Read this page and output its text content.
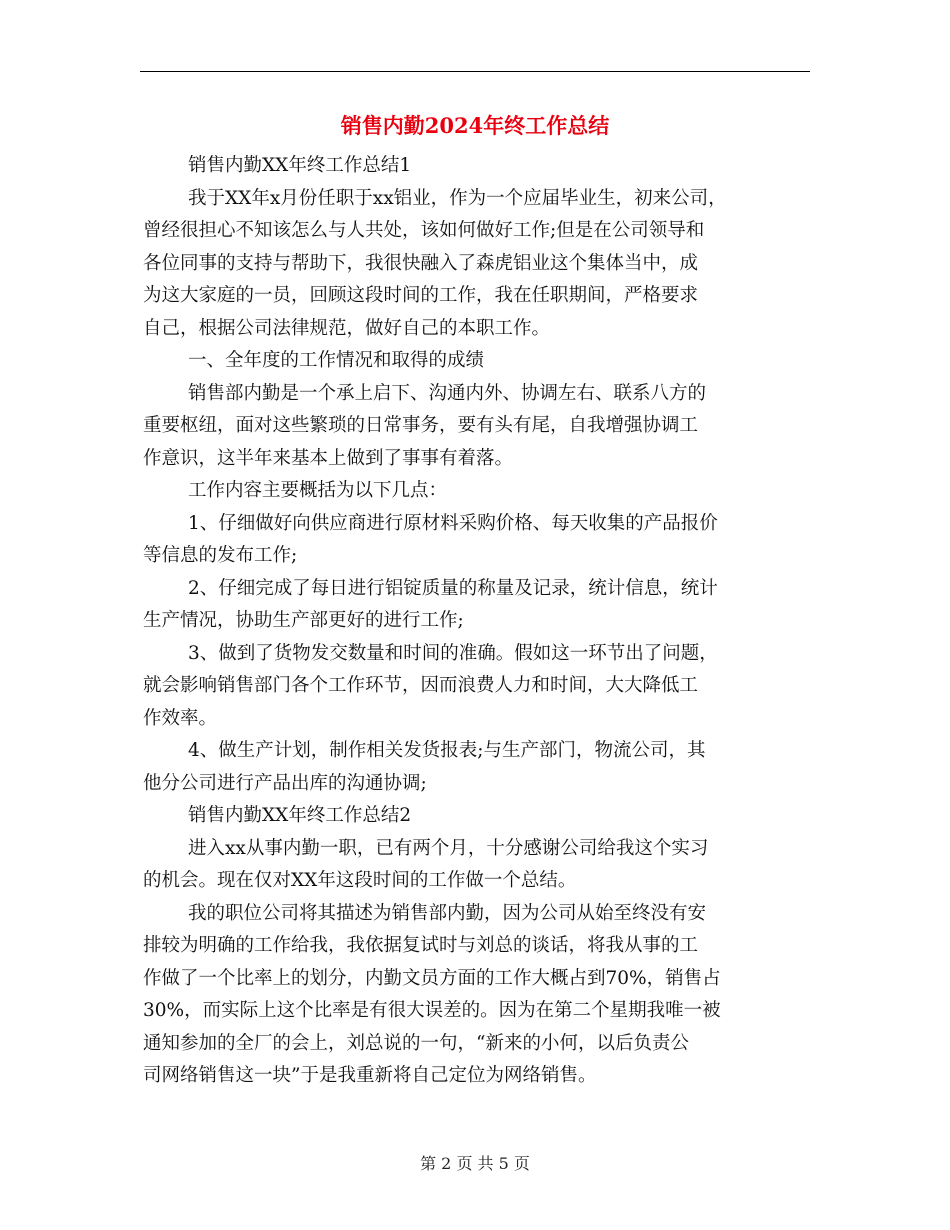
销售内勤2024年终工作总结
销售内勤XX年终工作总结1
我于XX年x月份任职于xx铝业，作为一个应届毕业生，初来公司，
曾经很担心不知该怎么与人共处，该如何做好工作;但是在公司领导和
各位同事的支持与帮助下，我很快融入了森虎铝业这个集体当中，成
为这大家庭的一员，回顾这段时间的工作，我在任职期间，严格要求
自己，根据公司法律规范，做好自己的本职工作。
一、全年度的工作情况和取得的成绩
销售部内勤是一个承上启下、沟通内外、协调左右、联系八方的
重要枢纽，面对这些繁琐的日常事务，要有头有尾，自我增强协调工
作意识，这半年来基本上做到了事事有着落。
工作内容主要概括为以下几点：
1、仔细做好向供应商进行原材料采购价格、每天收集的产品报价
等信息的发布工作;
2、仔细完成了每日进行铝锭质量的称量及记录，统计信息，统计
生产情况，协助生产部更好的进行工作;
3、做到了货物发交数量和时间的准确。假如这一环节出了问题，
就会影响销售部门各个工作环节，因而浪费人力和时间，大大降低工
作效率。
4、做生产计划，制作相关发货报表;与生产部门，物流公司，其
他分公司进行产品出库的沟通协调;
销售内勤XX年终工作总结2
进入xx从事内勤一职，已有两个月，十分感谢公司给我这个实习
的机会。现在仅对XX年这段时间的工作做一个总结。
我的职位公司将其描述为销售部内勤，因为公司从始至终没有安
排较为明确的工作给我，我依据复试时与刘总的谈话，将我从事的工
作做了一个比率上的划分，内勤文员方面的工作大概占到70%，销售占
30%，而实际上这个比率是有很大误差的。因为在第二个星期我唯一被
通知参加的全厂的会上，刘总说的一句，“新来的小何，以后负责公
司网络销售这一块”于是我重新将自己定位为网络销售。
第 2 页 共 5 页
